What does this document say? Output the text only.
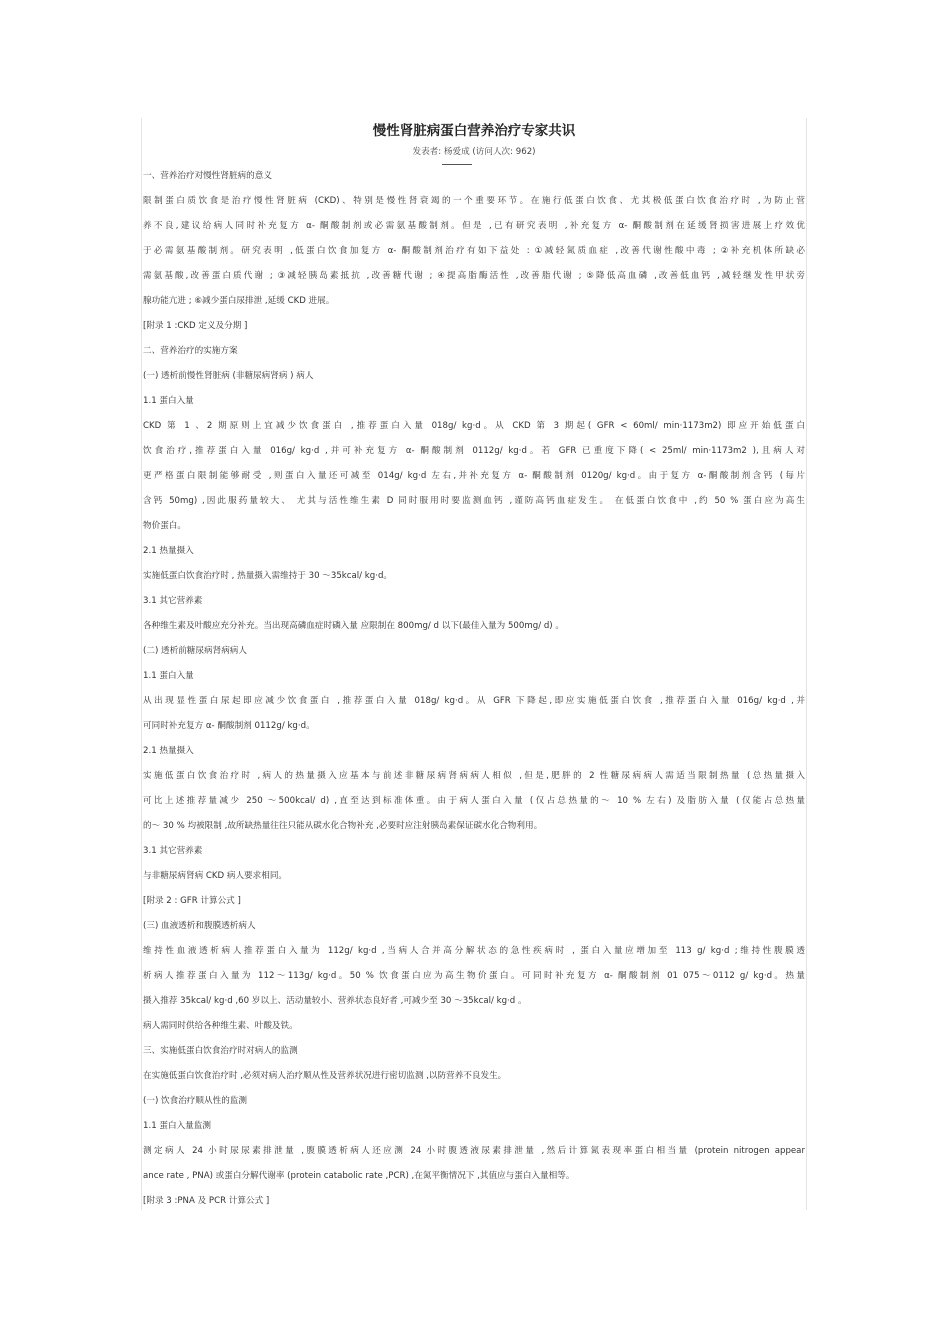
慢性肾脏病蛋白营养治疗专家共识
发表者: 杨爱成 (访问人次: 962)
一、营养治疗对慢性肾脏病的意义
限制蛋白质饮食是治疗慢性肾脏病 (CKD)、特别是慢性肾衰竭的一个重要环节。在施行低蛋白饮食、尤其极低蛋白饮食治疗时 ,为防止营
养不良,建议给病人同时补充复方 α- 酮酸制剂或必需氨基酸制剂。但是 ,已有研究表明 ,补充复方 α- 酮酸制剂在延缓肾损害进展上疗效优
于必需氨基酸制剂。研究表明 ,低蛋白饮食加复方 α- 酮酸制剂治疗有如下益处 : ①减轻氮质血症 ,改善代谢性酸中毒 ; ②补充机体所缺必
需氨基酸,改善蛋白质代谢 ; ③减轻胰岛素抵抗 ,改善糖代谢 ; ④提高脂酶活性 ,改善脂代谢 ; ⑤降低高血磷 ,改善低血钙 ,减轻继发性甲状旁
腺功能亢进 ; ⑥减少蛋白尿排泄 ,延缓 CKD 进展。
[附录 1 :CKD 定义及分期 ]
二、营养治疗的实施方案
(一) 透析前慢性肾脏病 (非糖尿病肾病 ) 病人
1.1 蛋白入量
CKD 第 1 、2 期原则上宜减少饮食蛋白 ,推荐蛋白入量 018g/ kg·d。从 CKD 第 3 期起( GFR < 60ml/ min·1173m2) 即应开始低蛋白
饮食治疗,推荐蛋白入量 016g/ kg·d ,并可补充复方 α- 酮酸制剂 0112g/ kg·d。若 GFR 已重度下降( < 25ml/ min·1173m2 ),且病人对
更严格蛋白限制能够耐受 ,则蛋白入量还可减至 014g/ kg·d 左右,并补充复方 α- 酮酸制剂 0120g/ kg·d。由于复方 α-酮酸制剂含钙 (每片
含钙 50mg) ,因此服药量较大、 尤其与活性维生素 D 同时服用时要监测血钙 ,谨防高钙血症发生。 在低蛋白饮食中 ,约 50 % 蛋白应为高生
物价蛋白。
2.1 热量摄入
实施低蛋白饮食治疗时 , 热量摄入需维持于 30 ～35kcal/ kg·d。
3.1 其它营养素
各种维生素及叶酸应充分补充。当出现高磷血症时磷入量 应限制在 800mg/ d 以下(最佳入量为 500mg/ d) 。
(二) 透析前糖尿病肾病病人
1.1 蛋白入量
从出现显性蛋白尿起即应减少饮食蛋白 ,推荐蛋白入量 018g/ kg·d。从 GFR 下降起,即应实施低蛋白饮食 ,推荐蛋白入量 016g/ kg·d ,并
可同时补充复方 α- 酮酸制剂 0112g/ kg·d。
2.1 热量摄入
实施低蛋白饮食治疗时 ,病人的热量摄入应基本与前述非糖尿病肾病病人相似 ,但是,肥胖的 2 性糖尿病病人需适当限制热量 (总热量摄入
可比上述推荐量减少 250 ～500kcal/ d) ,直至达到标准体重。由于病人蛋白入量 (仅占总热量的～ 10 % 左右) 及脂肪入量 (仅能占总热量
的～ 30 % 均被限制 ,故所缺热量往往只能从碳水化合物补充 ,必要时应注射胰岛素保证碳水化合物利用。
3.1 其它营养素
与非糖尿病肾病 CKD 病人要求相同。
[附录 2 : GFR 计算公式 ]
(三) 血液透析和腹膜透析病人
维持性血液透析病人推荐蛋白入量为 112g/ kg·d ,当病人合并高分解状态的急性疾病时 , 蛋白入量应增加至 113 g/ kg·d ;维持性腹膜透
析病人推荐蛋白入量为 112～113g/ kg·d。50 % 饮食蛋白应为高生物价蛋白。可同时补充复方 α- 酮酸制剂 01 075～0112 g/ kg·d。热量
摄入推荐 35kcal/ kg·d ,60 岁以上、活动量较小、营养状态良好者 ,可减少至 30 ～35kcal/ kg·d 。
病人需同时供给各种维生素、叶酸及铁。
三、实施低蛋白饮食治疗时对病人的监测
在实施低蛋白饮食治疗时 ,必须对病人治疗顺从性及营养状况进行密切监测 ,以防营养不良发生。
(一) 饮食治疗顺从性的监测
1.1 蛋白入量监测
测定病人 24 小时尿尿素排泄量 ,腹膜透析病人还应测 24 小时腹透液尿素排泄量 ,然后计算氮表现率蛋白相当量 (protein nitrogen appear
ance rate , PNA) 或蛋白分解代谢率 (protein catabolic rate ,PCR) ,在氮平衡情况下 ,其值应与蛋白入量相等。
[附录 3 :PNA 及 PCR 计算公式 ]
